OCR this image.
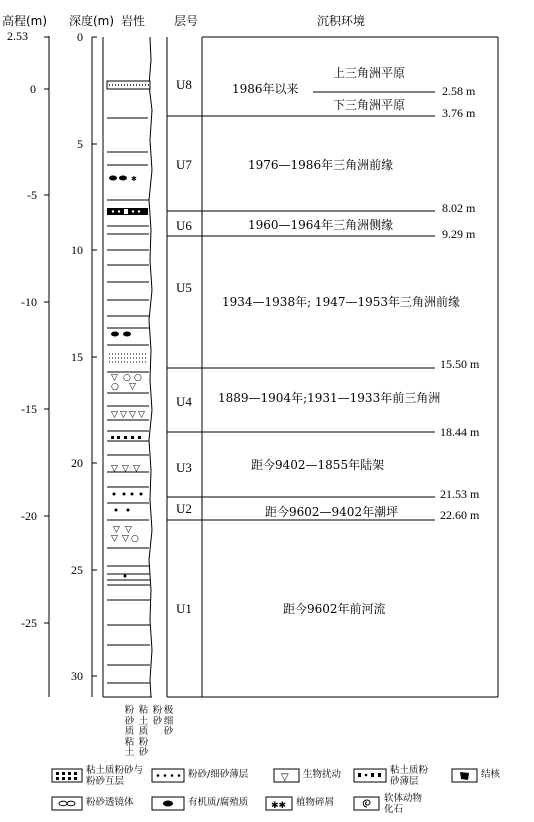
高程(m) 深度(m) 岩性 层号	沉积环境
✱
▽ ○ ○
○ ▽
▽ ▽ ▽ ▽
▽ ▽ ▽
▽ ▽
▽ ▽ ○
▽
✱✱
2.53
0
-5
-10
-15
-20
-25
0
5
10
15
20
25
30
U8
U7
U6
U5
U4
U3
U2
U1
1986年以来
上三角洲平原
下三角洲平原
1976—1986年三角洲前缘
1960—1964年三角洲侧缘
1934—1938年; 1947—1953年三角洲前缘
1889—1904年;1931—1933年前三角洲
距今9402—1855年陆架
距今9602—9402年潮坪
距今9602年前河流
2.58 m
3.76 m
8.02 m
9.29 m
15.50 m
18.44 m
21.53 m
22.60 m
粉砂质粘土
粘土质粉砂
粉砂
极细砂
粘土质粉砂与粉砂互层
粉砂/细砂薄层	生物扰动	粘土质粉砂薄层
结核
粉砂透镜体	有机质/腐殖质	植物碎屑	软体动物化石
